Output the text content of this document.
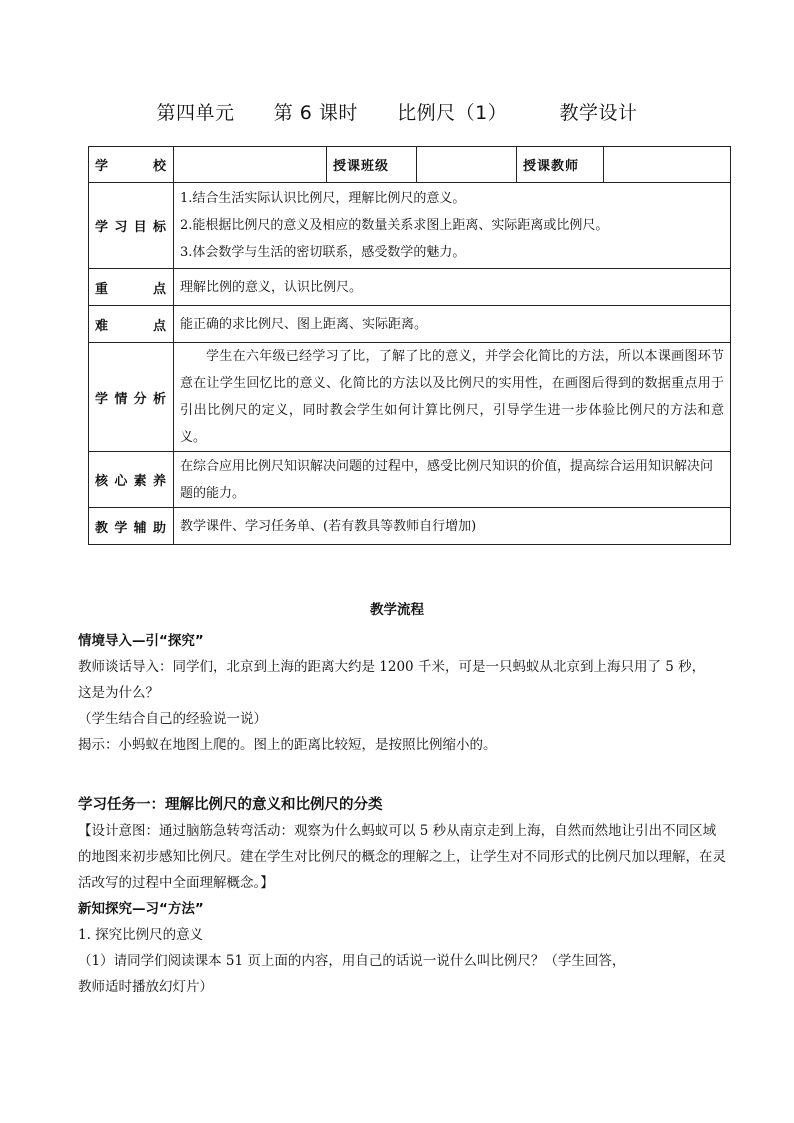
第四单元 第 6 课时 比例尺（1）	教学设计
学　　校		授课班级		授课教师	
学习目标	1.结合生活实际认识比例尺，理解比例尺的意义。
2.能根据比例尺的意义及相应的数量关系求图上距离、实际距离或比例尺。
3.体会数学与生活的密切联系，感受数学的魅力。				

重　　点	理解比例的意义，认识比例尺。				
难　　点	能正确的求比例尺、图上距离、实际距离。				
学情分析	学生在六年级已经学习了比，了解了比的意义，并学会化简比的方法，所以本课画图环节意在让学生回忆比的意义、化简比的方法以及比例尺的实用性，在画图后得到的数据重点用于引出比例尺的定义，同时教会学生如何计算比例尺，引导学生进一步体验比例尺的方法和意义。				
核心素养	在综合应用比例尺知识解决问题的过程中，感受比例尺知识的价值，提高综合运用知识解决问题的能力。				
教学辅助	教学课件、学习任务单、(若有教具等教师自行增加)				
教学流程
情境导入—引“探究”
教师谈话导入：同学们，北京到上海的距离大约是 1200 千米，可是一只蚂蚁从北京到上海只用了 5 秒，
这是为什么？
（学生结合自己的经验说一说）
揭示：小蚂蚁在地图上爬的。图上的距离比较短，是按照比例缩小的。
学习任务一：理解比例尺的意义和比例尺的分类
【设计意图：通过脑筋急转弯活动：观察为什么蚂蚁可以 5 秒从南京走到上海，自然而然地让引出不同区域的地图来初步感知比例尺。建在学生对比例尺的概念的理解之上，让学生对不同形式的比例尺加以理解，在灵活改写的过程中全面理解概念。】
新知探究—习“方法”
1. 探究比例尺的意义
（1）请同学们阅读课本 51 页上面的内容，用自己的话说一说什么叫比例尺？（学生回答，
教师适时播放幻灯片）
